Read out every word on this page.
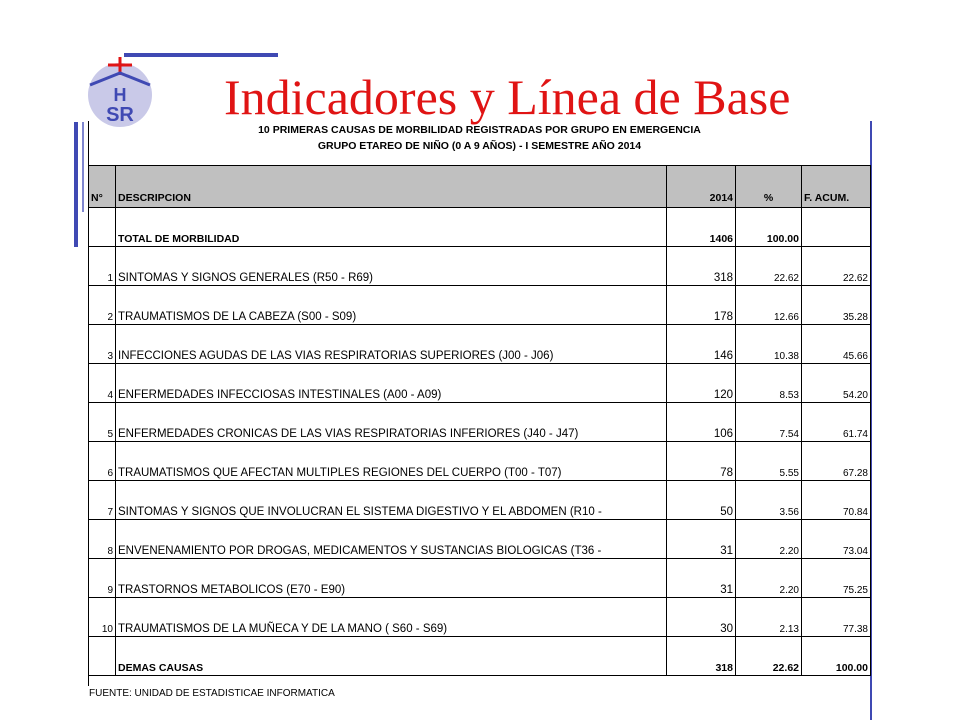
H
SR Indicadores y Línea de Base
10 PRIMERAS CAUSAS DE MORBILIDAD REGISTRADAS POR GRUPO EN EMERGENCIA
GRUPO ETAREO DE NIÑO (0 A 9 AÑOS) - I SEMESTRE AÑO 2014
N°	DESCRIPCION	2014	%	F. ACUM.
	TOTAL DE MORBILIDAD	1406	100.00	
1	SINTOMAS Y SIGNOS GENERALES (R50 - R69)	318	22.62	22.62
2	TRAUMATISMOS DE LA CABEZA (S00 - S09)	178	12.66	35.28
3	INFECCIONES AGUDAS DE LAS VIAS RESPIRATORIAS SUPERIORES (J00 - J06)	146	10.38	45.66
4	ENFERMEDADES INFECCIOSAS INTESTINALES (A00 - A09)	120	8.53	54.20
5	ENFERMEDADES CRONICAS DE LAS VIAS RESPIRATORIAS INFERIORES (J40 - J47)	106	7.54	61.74
6	TRAUMATISMOS QUE AFECTAN MULTIPLES REGIONES DEL CUERPO (T00 - T07)	78	5.55	67.28
7	SINTOMAS Y SIGNOS QUE INVOLUCRAN EL SISTEMA DIGESTIVO Y EL ABDOMEN (R10 -	50	3.56	70.84
8	ENVENENAMIENTO POR DROGAS, MEDICAMENTOS Y SUSTANCIAS BIOLOGICAS (T36 -	31	2.20	73.04
9	TRASTORNOS METABOLICOS (E70 - E90)	31	2.20	75.25
10	TRAUMATISMOS DE LA MUÑECA Y DE LA MANO ( S60 - S69)	30	2.13	77.38
	DEMAS CAUSAS	318	22.62	100.00
FUENTE: UNIDAD DE ESTADISTICAE INFORMATICA
